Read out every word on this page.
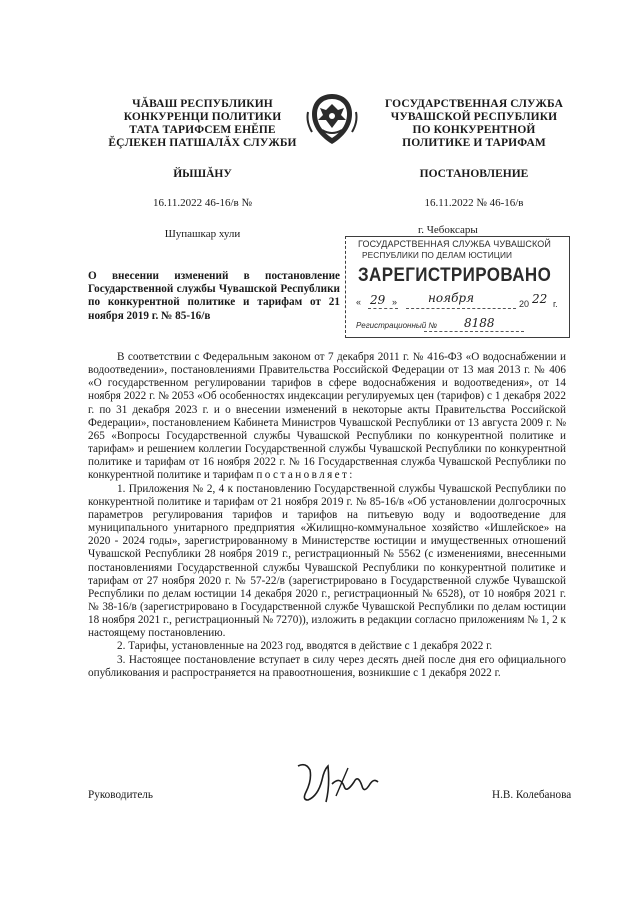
ЧĂВАШ РЕСПУБЛИКИН
КОНКУРЕНЦИ ПОЛИТИКИ
ТАТА ТАРИФСЕМ ЕНĔПЕ
ĔÇЛЕКЕН ПАТШАЛĂХ СЛУЖБИ
ЙЫШĂНУ
16.11.2022 46-16/в №
Шупашкар хули
ГОСУДАРСТВЕННАЯ СЛУЖБА
ЧУВАШСКОЙ РЕСПУБЛИКИ
ПО КОНКУРЕНТНОЙ
ПОЛИТИКЕ И ТАРИФАМ
ПОСТАНОВЛЕНИЕ
16.11.2022 № 46-16/в
г. Чебоксары
ГОСУДАРСТВЕННАЯ СЛУЖБА ЧУВАШСКОЙ
РЕСПУБЛИКИ ПО ДЕЛАМ ЮСТИЦИИ
ЗАРЕГИСТРИРОВАНО
« 29 »	ноября	20 22 г.
Регистрационный № 8188
О внесении изменений в постановление Государственной службы Чувашской Республики по конкурентной политике и тарифам от 21 ноября 2019 г. № 85-16/в

В соответствии с Федеральным законом от 7 декабря 2011 г. № 416-ФЗ «О водоснабжении и водоотведении», постановлениями Правительства Российской Федерации от 13 мая 2013 г. № 406 «О государственном регулировании тарифов в сфере водоснабжения и водоотведения», от 14 ноября 2022 г. № 2053 «Об особенностях индексации регулируемых цен (тарифов) с 1 декабря 2022 г. по 31 декабря 2023 г. и о внесении изменений в некоторые акты Правительства Российской Федерации», постановлением Кабинета Министров Чувашской Республики от 13 августа 2009 г. № 265 «Вопросы Государственной службы Чувашской Республики по конкурентной политике и тарифам» и решением коллегии Государственной службы Чувашской Республики по конкурентной политике и тарифам от 16 ноября 2022 г. № 16 Государственная служба Чувашской Республики по конкурентной политике и тарифам постановляет:

1. Приложения № 2, 4 к постановлению Государственной службы Чувашской Республики по конкурентной политике и тарифам от 21 ноября 2019 г. № 85-16/в «Об установлении долгосрочных параметров регулирования тарифов и тарифов на питьевую воду и водоотведение для муниципального унитарного предприятия «Жилищно-коммунальное хозяйство «Ишлейское» на 2020 - 2024 годы», зарегистрированному в Министерстве юстиции и имущественных отношений Чувашской Республики 28 ноября 2019 г., регистрационный № 5562 (с изменениями, внесенными постановлениями Государственной службы Чувашской Республики по конкурентной политике и тарифам от 27 ноября 2020 г. № 57-22/в (зарегистрировано в Государственной службе Чувашской Республики по делам юстиции 14 декабря 2020 г., регистрационный № 6528), от 10 ноября 2021 г. № 38-16/в (зарегистрировано в Государственной службе Чувашской Республики по делам юстиции 18 ноября 2021 г., регистрационный № 7270)), изложить в редакции согласно приложениям № 1, 2 к настоящему постановлению.

2. Тарифы, установленные на 2023 год, вводятся в действие с 1 декабря 2022 г.

3. Настоящее постановление вступает в силу через десять дней после дня его официального опубликования и распространяется на правоотношения, возникшие с 1 декабря 2022 г.

Руководитель	Н.В. Колебанова
